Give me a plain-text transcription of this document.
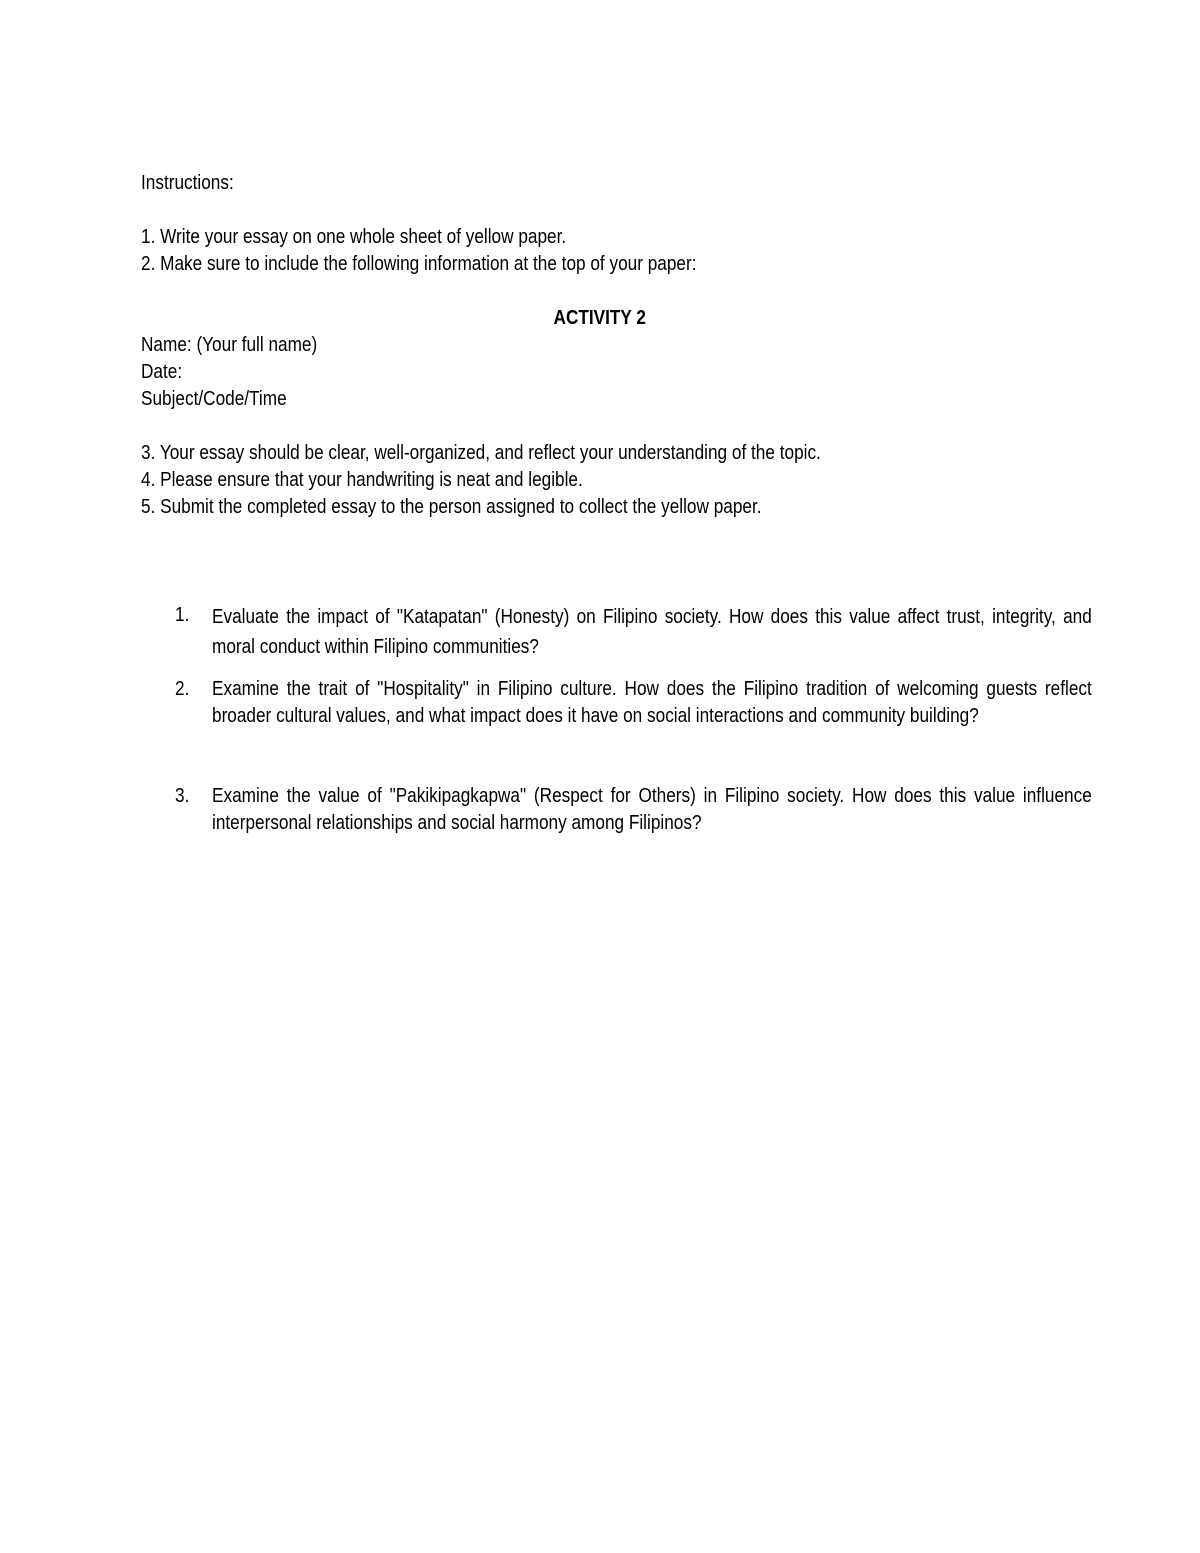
Instructions:
1. Write your essay on one whole sheet of yellow paper.
2. Make sure to include the following information at the top of your paper:
ACTIVITY 2
Name: (Your full name)
Date:
Subject/Code/Time
3. Your essay should be clear, well-organized, and reflect your understanding of the topic.
4. Please ensure that your handwriting is neat and legible.
5. Submit the completed essay to the person assigned to collect the yellow paper.
1.	Evaluate the impact of "Katapatan" (Honesty) on Filipino society. How does this value affect trust, integrity, and moral conduct within Filipino communities?
2.	Examine the trait of "Hospitality" in Filipino culture. How does the Filipino tradition of welcoming guests reflect broader cultural values, and what impact does it have on social interactions and community building?
3.	Examine the value of "Pakikipagkapwa" (Respect for Others) in Filipino society. How does this value influence interpersonal relationships and social harmony among Filipinos?
